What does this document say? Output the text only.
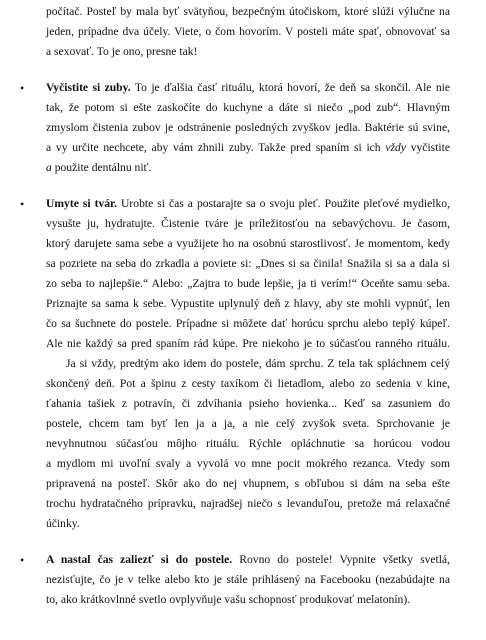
počítač. Posteľ by mala byť svätyňou, bezpečným útočiskom, ktoré slúži výlučne na
jeden, prípadne dva účely. Viete, o čom hovorím. V posteli máte spať, obnovovať sa
a sexovať. To je ono, presne tak!
•	Vyčistite si zuby. To je ďalšia časť rituálu, ktorá hovorí, že deň sa skončil. Ale nie
tak, že potom si ešte zaskočíte do kuchyne a dáte si niečo „pod zub“. Hlavným
zmyslom čistenia zubov je odstránenie posledných zvyškov jedla. Baktérie sú svine,
a vy určite nechcete, aby vám zhnili zuby. Takže pred spaním si ich vždy vyčistite
a použite dentálnu niť.
•	Umyte si tvár. Urobte si čas a postarajte sa o svoju pleť. Použite pleťové mydielko,
vysušte ju, hydratujte. Čistenie tváre je príležitosťou na sebavýchovu. Je časom,
ktorý darujete sama sebe a využijete ho na osobnú starostlivosť. Je momentom, kedy
sa pozriete na seba do zrkadla a poviete si: „Dnes si sa činila! Snažila si sa a dala si
zo seba to najlepšie.“ Alebo: „Zajtra to bude lepšie, ja ti verím!“ Oceňte samu seba.
Priznajte sa sama k sebe. Vypustite uplynulý deň z hlavy, aby ste mohli vypnúť, len
čo sa šuchnete do postele. Prípadne si môžete dať horúcu sprchu alebo teplý kúpeľ.
Ale nie každý sa pred spaním rád kúpe. Pre niekoho je to súčasťou ranného rituálu.
Ja si vždy, predtým ako idem do postele, dám sprchu. Z tela tak spláchnem celý
skončený deň. Pot a špinu z cesty taxíkom či lietadlom, alebo zo sedenia v kine,
ťahania tašiek z potravín, či zdvíhania psieho hovienka... Keď sa zasuniem do
postele, chcem tam byť len ja a ja, a nie celý zvyšok sveta. Sprchovanie je
nevyhnutnou súčasťou môjho rituálu. Rýchle opláchnutie sa horúcou vodou
a mydlom mi uvoľní svaly a vyvolá vo mne pocit mokrého rezanca. Vtedy som
pripravená na posteľ. Skôr ako do nej vhupnem, s obľubou si dám na seba ešte
trochu hydratačného prípravku, najradšej niečo s levanduľou, pretože má relaxačné
účinky.
•	A nastal čas zaliezť si do postele. Rovno do postele! Vypnite všetky svetlá,
nezisťujte, čo je v telke alebo kto je stále prihlásený na Facebooku (nezabúdajte na
to, ako krátkovlnné svetlo ovplyvňuje vašu schopnosť produkovať melatonín).
